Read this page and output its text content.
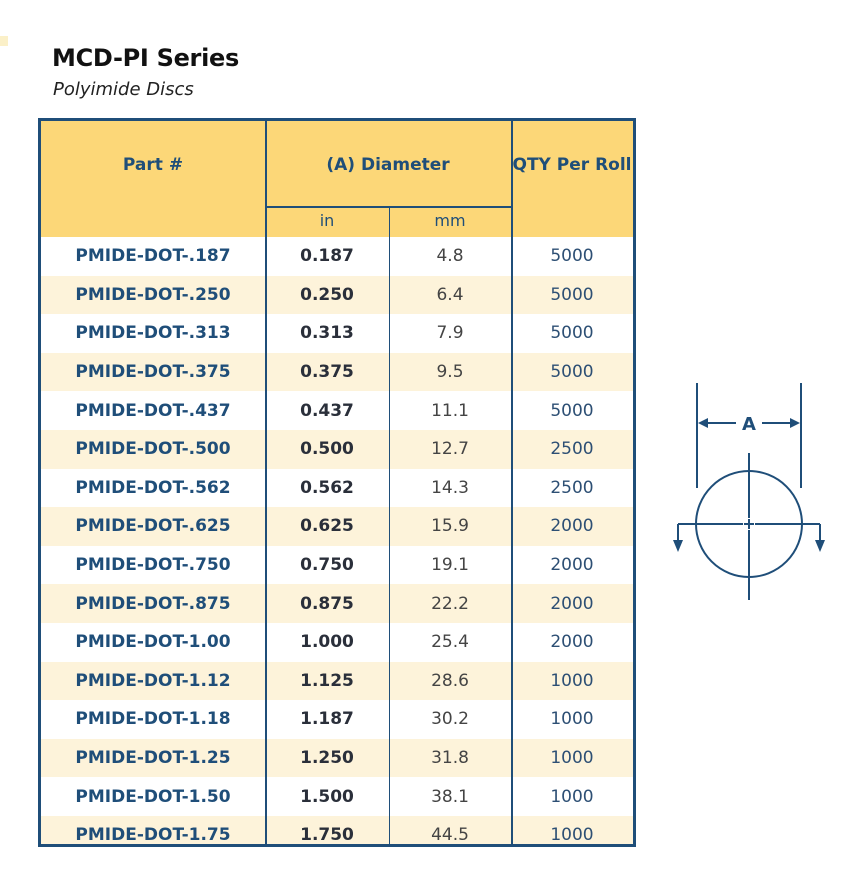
MCD-PI Series

Polyimide Discs

Part #	(A) Diameter	QTY Per Roll
in	mm
PMIDE-DOT-.187	0.187	4.8	5000
PMIDE-DOT-.250	0.250	6.4	5000
PMIDE-DOT-.313	0.313	7.9	5000
PMIDE-DOT-.375	0.375	9.5	5000
PMIDE-DOT-.437	0.437	11.1	5000
PMIDE-DOT-.500	0.500	12.7	2500
PMIDE-DOT-.562	0.562	14.3	2500
PMIDE-DOT-.625	0.625	15.9	2000
PMIDE-DOT-.750	0.750	19.1	2000
PMIDE-DOT-.875	0.875	22.2	2000
PMIDE-DOT-1.00	1.000	25.4	2000
PMIDE-DOT-1.12	1.125	28.6	1000
PMIDE-DOT-1.18	1.187	30.2	1000
PMIDE-DOT-1.25	1.250	31.8	1000
PMIDE-DOT-1.50	1.500	38.1	1000
PMIDE-DOT-1.75	1.750	44.5	1000
A
